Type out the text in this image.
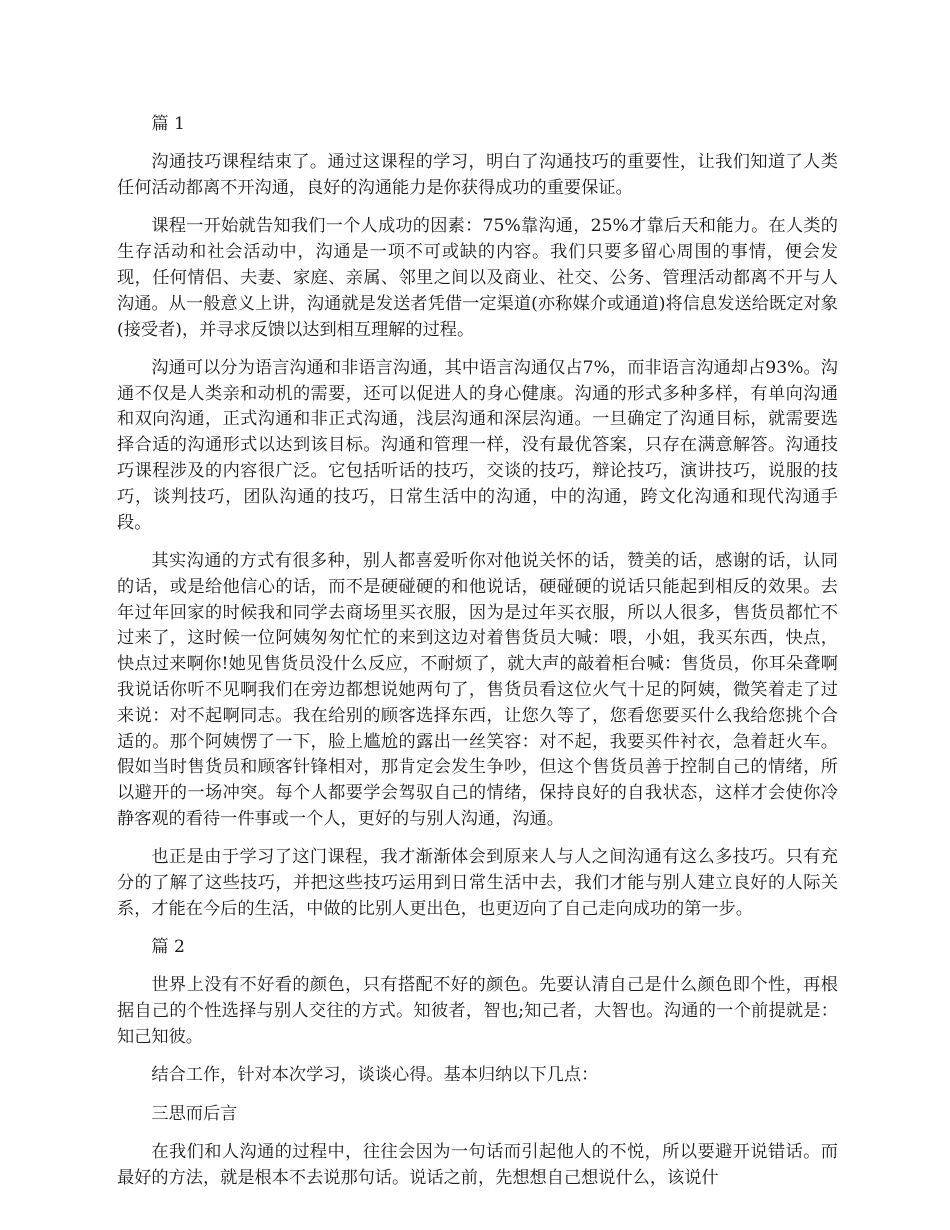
篇 1

沟通技巧课程结束了。通过这课程的学习，明白了沟通技巧的重要性，让我们知道了人类任何活动都离不开沟通，良好的沟通能力是你获得成功的重要保证。

课程一开始就告知我们一个人成功的因素：75%靠沟通，25%才靠后天和能力。在人类的生存活动和社会活动中，沟通是一项不可或缺的内容。我们只要多留心周围的事情，便会发现，任何情侣、夫妻、家庭、亲属、邻里之间以及商业、社交、公务、管理活动都离不开与人沟通。从一般意义上讲，沟通就是发送者凭借一定渠道(亦称媒介或通道)将信息发送给既定对象(接受者)，并寻求反馈以达到相互理解的过程。

沟通可以分为语言沟通和非语言沟通，其中语言沟通仅占7%，而非语言沟通却占93%。沟通不仅是人类亲和动机的需要，还可以促进人的身心健康。沟通的形式多种多样，有单向沟通和双向沟通，正式沟通和非正式沟通，浅层沟通和深层沟通。一旦确定了沟通目标，就需要选择合适的沟通形式以达到该目标。沟通和管理一样，没有最优答案，只存在满意解答。沟通技巧课程涉及的内容很广泛。它包括听话的技巧，交谈的技巧，辩论技巧，演讲技巧，说服的技巧，谈判技巧，团队沟通的技巧，日常生活中的沟通，中的沟通，跨文化沟通和现代沟通手段。

其实沟通的方式有很多种，别人都喜爱听你对他说关怀的话，赞美的话，感谢的话，认同的话，或是给他信心的话，而不是硬碰硬的和他说话，硬碰硬的说话只能起到相反的效果。去年过年回家的时候我和同学去商场里买衣服，因为是过年买衣服，所以人很多，售货员都忙不过来了，这时候一位阿姨匆匆忙忙的来到这边对着售货员大喊：喂，小姐，我买东西，快点，快点过来啊你!她见售货员没什么反应，不耐烦了，就大声的敲着柜台喊：售货员，你耳朵聋啊我说话你听不见啊我们在旁边都想说她两句了，售货员看这位火气十足的阿姨，微笑着走了过来说：对不起啊同志。我在给别的顾客选择东西，让您久等了，您看您要买什么我给您挑个合适的。那个阿姨愣了一下，脸上尴尬的露出一丝笑容：对不起，我要买件衬衣，急着赶火车。假如当时售货员和顾客针锋相对，那肯定会发生争吵，但这个售货员善于控制自己的情绪，所以避开的一场冲突。每个人都要学会驾驭自己的情绪，保持良好的自我状态，这样才会使你冷静客观的看待一件事或一个人，更好的与别人沟通，沟通。

也正是由于学习了这门课程，我才渐渐体会到原来人与人之间沟通有这么多技巧。只有充分的了解了这些技巧，并把这些技巧运用到日常生活中去，我们才能与别人建立良好的人际关系，才能在今后的生活，中做的比别人更出色，也更迈向了自己走向成功的第一步。

篇 2

世界上没有不好看的颜色，只有搭配不好的颜色。先要认清自己是什么颜色即个性，再根据自己的个性选择与别人交往的方式。知彼者，智也;知己者，大智也。沟通的一个前提就是：知己知彼。

结合工作，针对本次学习，谈谈心得。基本归纳以下几点：

三思而后言

在我们和人沟通的过程中，往往会因为一句话而引起他人的不悦，所以要避开说错话。而最好的方法，就是根本不去说那句话。说话之前，先想想自己想说什么，该说什
